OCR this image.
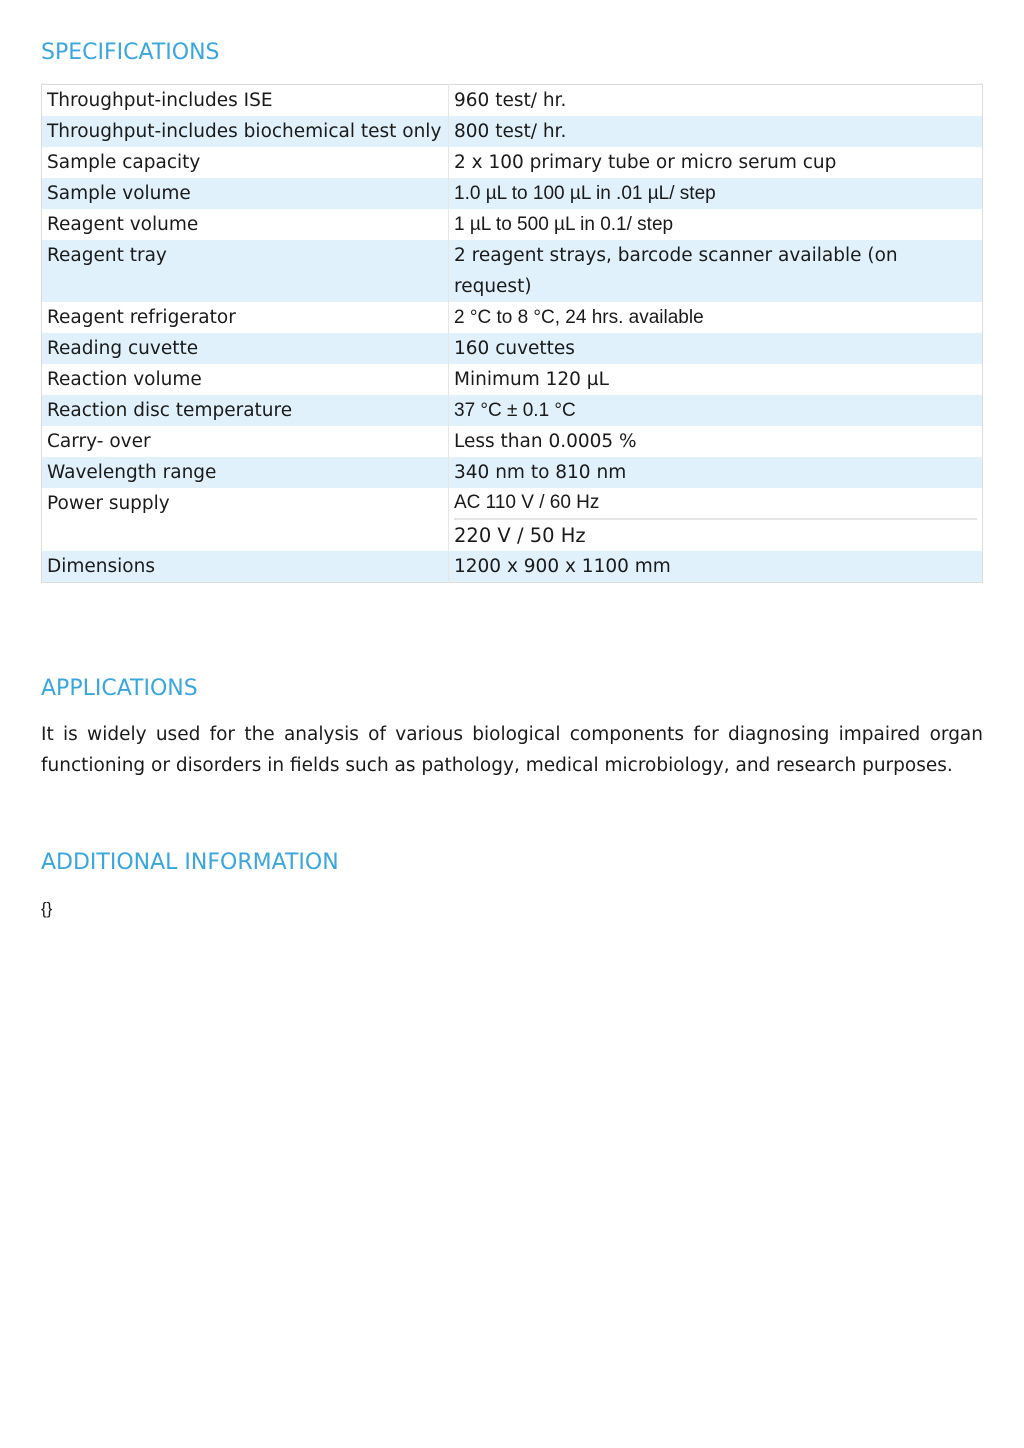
SPECIFICATIONS
Throughput-includes ISE	960 test/ hr.
Throughput-includes biochemical test only	800 test/ hr.
Sample capacity	2 x 100 primary tube or micro serum cup
Sample volume	1.0 µL to 100 µL in .01 µL/ step
Reagent volume	1 µL to 500 µL in 0.1/ step
Reagent tray	2 reagent strays, barcode scanner available (on request)
Reagent refrigerator	2 °C to 8 °C, 24 hrs. available
Reading cuvette	160 cuvettes
Reaction volume	Minimum 120 µL
Reaction disc temperature	37 °C ± 0.1 °C
Carry- over	Less than 0.0005 %
Wavelength range	340 nm to 810 nm
Power supply	AC 110 V / 60 Hz
220 V / 50 Hz

Dimensions	1200 x 900 x 1100 mm
APPLICATIONS

It is widely used for the analysis of various biological components for diagnosing impaired organ functioning or disorders in fields such as pathology, medical microbiology, and research purposes.

ADDITIONAL INFORMATION

{}
